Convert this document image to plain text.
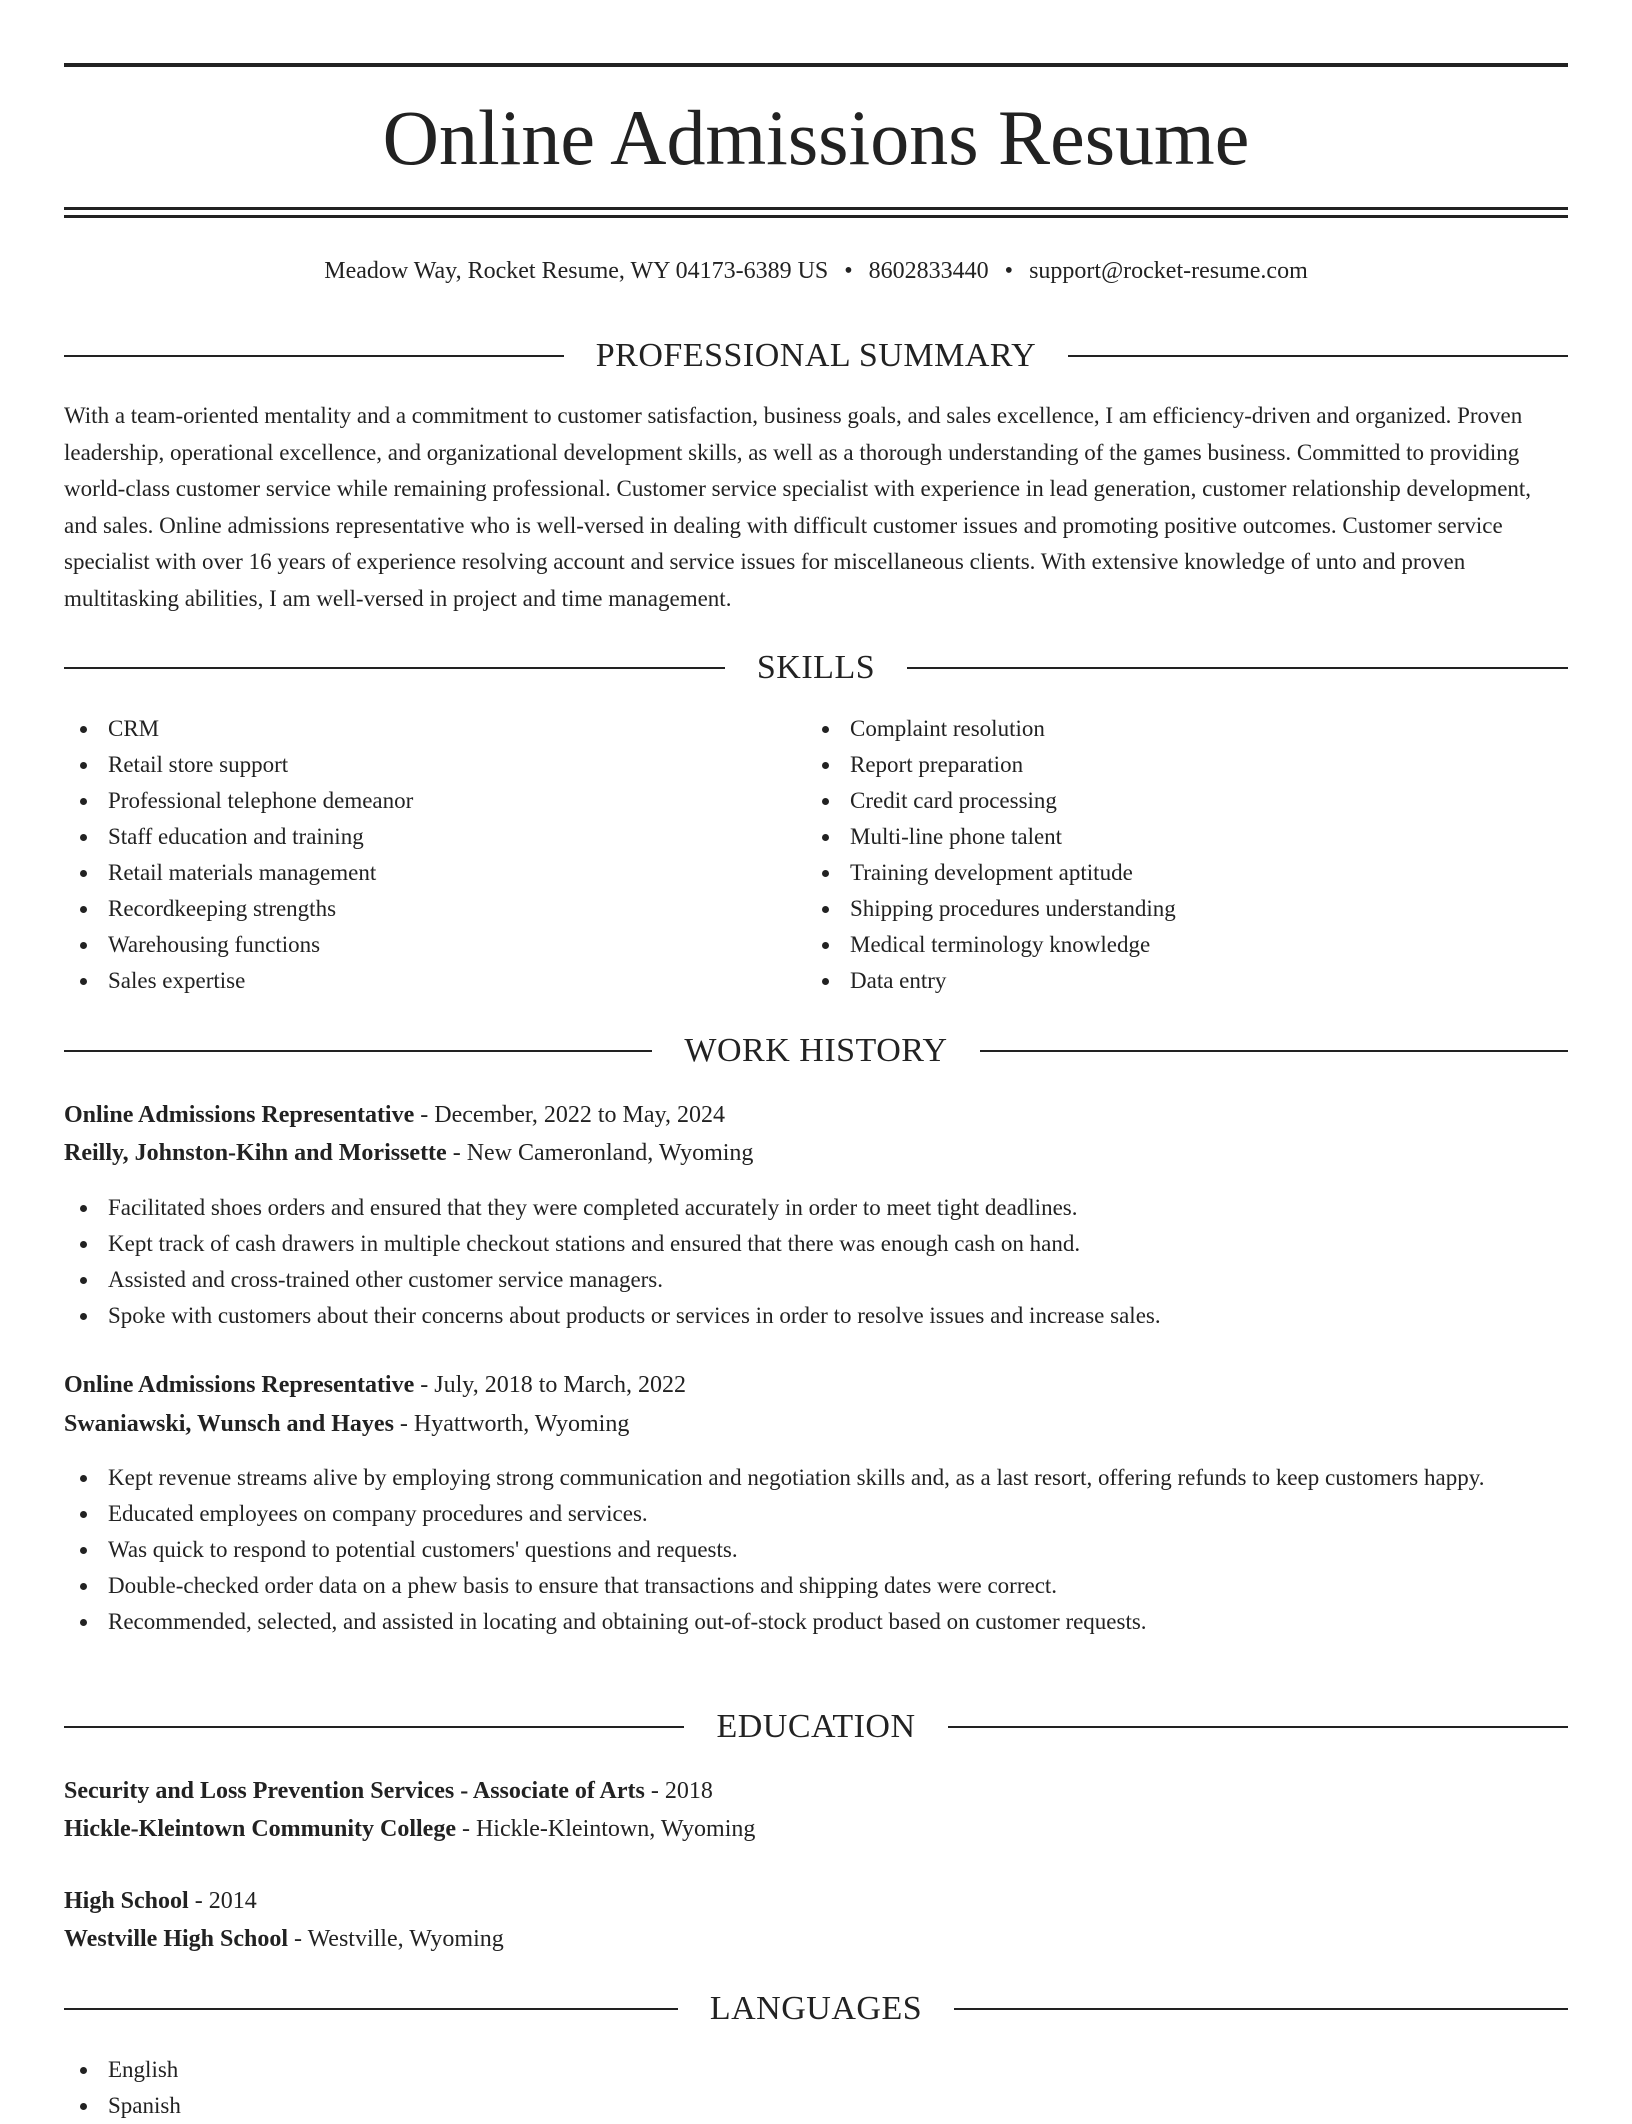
Online Admissions Resume
Meadow Way, Rocket Resume, WY 04173-6389 US • 8602833440 • support@rocket-resume.com
PROFESSIONAL SUMMARY

With a team-oriented mentality and a commitment to customer satisfaction, business goals, and sales excellence, I am efficiency-driven and organized. Proven leadership, operational excellence, and organizational development skills, as well as a thorough understanding of the games business. Committed to providing world-class customer service while remaining professional. Customer service specialist with experience in lead generation, customer relationship development, and sales. Online admissions representative who is well-versed in dealing with difficult customer issues and promoting positive outcomes. Customer service specialist with over 16 years of experience resolving account and service issues for miscellaneous clients. With extensive knowledge of unto and proven multitasking abilities, I am well-versed in project and time management.

SKILLS
CRM
Retail store support
Professional telephone demeanor
Staff education and training
Retail materials management
Recordkeeping strengths
Warehousing functions
Sales expertise
Complaint resolution
Report preparation
Credit card processing
Multi-line phone talent
Training development aptitude
Shipping procedures understanding
Medical terminology knowledge
Data entry
WORK HISTORY
Online Admissions Representative - December, 2022 to May, 2024
Reilly, Johnston-Kihn and Morissette - New Cameronland, Wyoming
Facilitated shoes orders and ensured that they were completed accurately in order to meet tight deadlines.
Kept track of cash drawers in multiple checkout stations and ensured that there was enough cash on hand.
Assisted and cross-trained other customer service managers.
Spoke with customers about their concerns about products or services in order to resolve issues and increase sales.
Online Admissions Representative - July, 2018 to March, 2022
Swaniawski, Wunsch and Hayes - Hyattworth, Wyoming
Kept revenue streams alive by employing strong communication and negotiation skills and, as a last resort, offering refunds to keep customers happy.
Educated employees on company procedures and services.
Was quick to respond to potential customers' questions and requests.
Double-checked order data on a phew basis to ensure that transactions and shipping dates were correct.
Recommended, selected, and assisted in locating and obtaining out-of-stock product based on customer requests.
EDUCATION
Security and Loss Prevention Services - Associate of Arts - 2018
Hickle-Kleintown Community College - Hickle-Kleintown, Wyoming
High School - 2014
Westville High School - Westville, Wyoming
LANGUAGES
English
Spanish
